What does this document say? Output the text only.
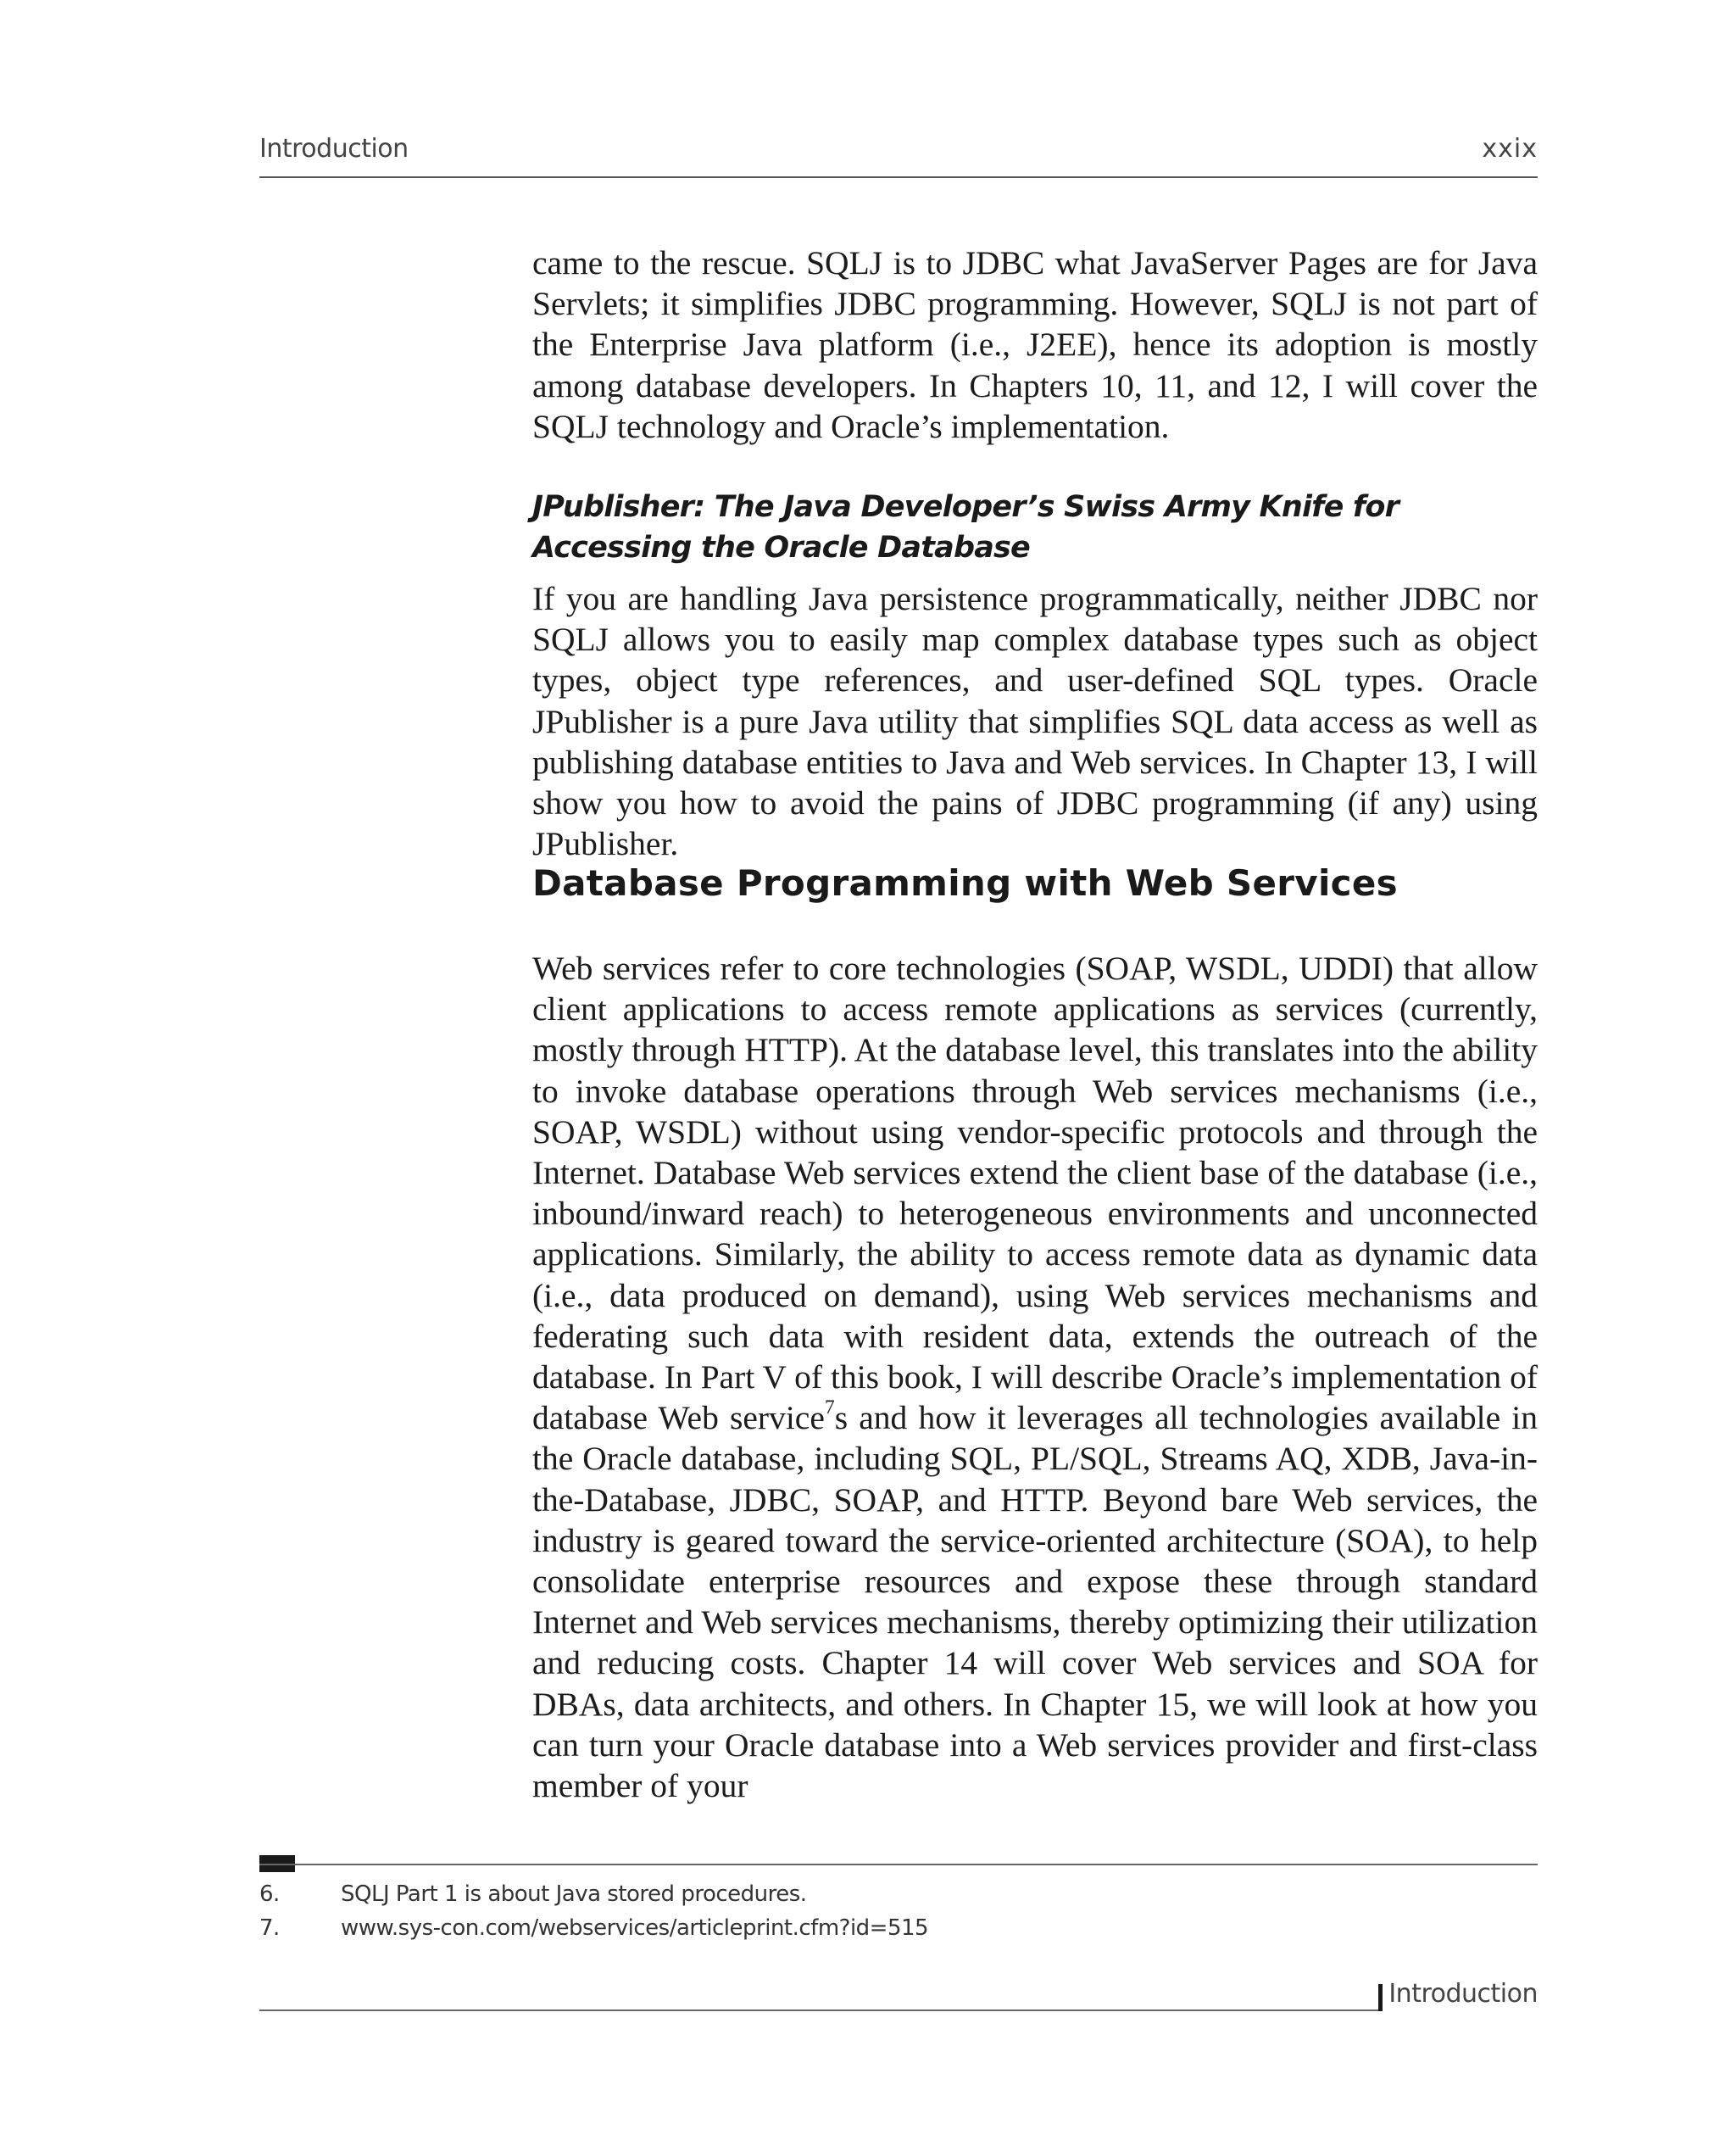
Introduction	xxix

came to the rescue. SQLJ is to JDBC what JavaServer Pages are for Java Servlets; it simplifies JDBC programming. However, SQLJ is not part of the Enterprise Java platform (i.e., J2EE), hence its adoption is mostly among database developers. In Chapters 10, 11, and 12, I will cover the SQLJ technology and Oracle’s implementation.

JPublisher: The Java Developer’s Swiss Army Knife for Accessing the Oracle Database

If you are handling Java persistence programmatically, neither JDBC nor SQLJ allows you to easily map complex database types such as object types, object type references, and user-defined SQL types. Oracle JPublisher is a pure Java utility that simplifies SQL data access as well as publishing database entities to Java and Web services. In Chapter 13, I will show you how to avoid the pains of JDBC programming (if any) using JPublisher.

Database Programming with Web Services

Web services refer to core technologies (SOAP, WSDL, UDDI) that allow client applications to access remote applications as services (currently, mostly through HTTP). At the database level, this translates into the ability to invoke database operations through Web services mechanisms (i.e., SOAP, WSDL) without using vendor-specific protocols and through the Internet. Database Web services extend the client base of the database (i.e., inbound/inward reach) to heterogeneous environments and unconnected applications. Similarly, the ability to access remote data as dynamic data (i.e., data produced on demand), using Web services mechanisms and federating such data with resident data, extends the outreach of the database. In Part V of this book, I will describe Oracle’s implementation of database Web service$^7$s and how it leverages all technologies available in the Oracle database, including SQL, PL/SQL, Streams AQ, XDB, Java-in-the-Database, JDBC, SOAP, and HTTP. Beyond bare Web services, the industry is geared toward the service-oriented architecture (SOA), to help consolidate enterprise resources and expose these through standard Internet and Web services mechanisms, thereby optimizing their utilization and reducing costs. Chapter 14 will cover Web services and SOA for DBAs, data architects, and others. In Chapter 15, we will look at how you can turn your Oracle database into a Web services provider and first-class member of your

6.	SQLJ Part 1 is about Java stored procedures.
7.	www.sys-con.com/webservices/articleprint.cfm?id=515
Introduction
